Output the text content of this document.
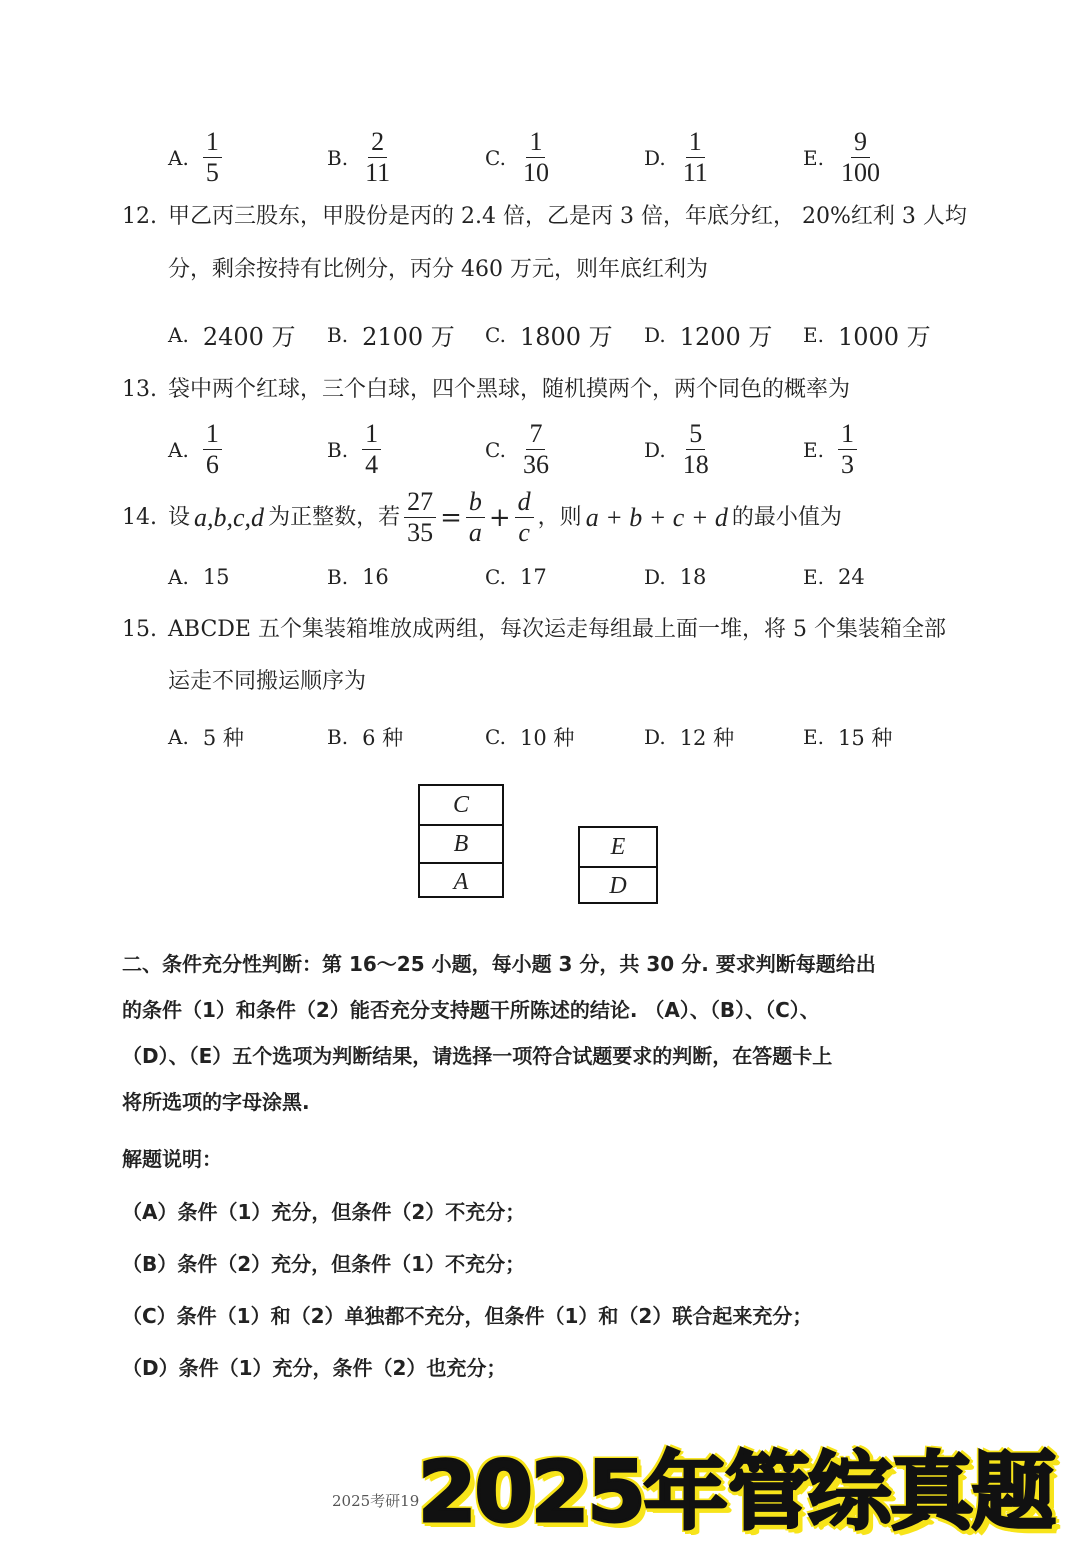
A. $\frac{1}{5}$	B. $\frac{2}{11}$	C. $\frac{1}{10}$	D. $\frac{1}{11}$	E. $\frac{9}{100}$
12. 甲乙丙三股东，甲股份是丙的 2.4 倍，乙是丙 3 倍，年底分红， 20%红利 3 人均
分，剩余按持有比例分，丙分 460 万元，则年底红利为
A. 2400 万 B. 2100 万 C. 1800 万 D. 1200 万 E. 1000 万
13. 袋中两个红球，三个白球，四个黑球，随机摸两个，两个同色的概率为
A. $\frac{1}{6}$	B. $\frac{1}{4}$	C. $\frac{7}{36}$	D. $\frac{5}{18}$	E. $\frac{1}{3}$
14. 设 a,b,c,d 为正整数，若 $\frac{27}{35} = \frac{b}{a} + \frac{d}{c}$ ，则 a + b + c + d 的最小值为
A. 15	B. 16	C. 17	D. 18	E. 24
15. ABCDE 五个集装箱堆放成两组，每次运走每组最上面一堆，将 5 个集装箱全部
运走不同搬运顺序为
A. 5 种	B. 6 种	C. 10 种	D. 12 种	E. 15 种
C
B
A
E
D
二、条件充分性判断：第 16～25 小题，每小题 3 分，共 30 分. 要求判断每题给出
的条件（1）和条件（2）能否充分支持题干所陈述的结论. （A）、（B）、（C）、
（D）、（E）五个选项为判断结果，请选择一项符合试题要求的判断，在答题卡上
将所选项的字母涂黑.
解题说明：
（A）条件（1）充分，但条件（2）不充分；
（B）条件（2）充分，但条件（1）不充分；
（C）条件（1）和（2）单独都不充分，但条件（1）和（2）联合起来充分；
（D）条件（1）充分，条件（2）也充分；
2025考研19
2025年管综真题
